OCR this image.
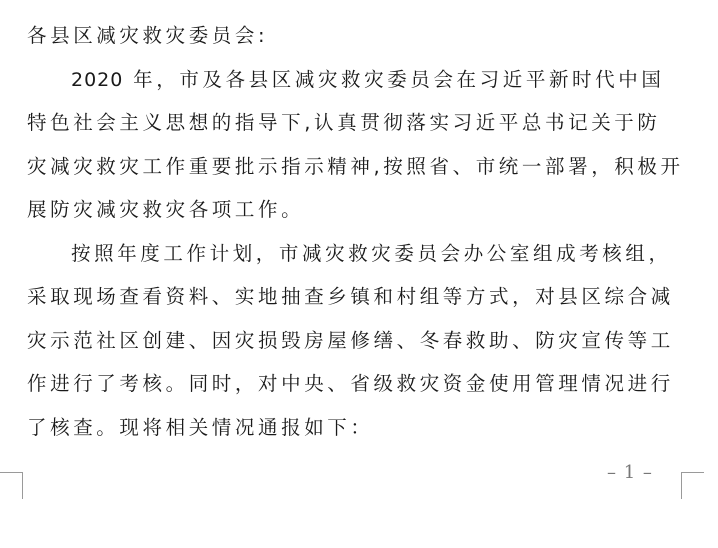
各县区减灾救灾委员会:
2020 年，市及各县区减灾救灾委员会在习近平新时代中国
特色社会主义思想的指导下,认真贯彻落实习近平总书记关于防
灾减灾救灾工作重要批示指示精神,按照省、市统一部署，积极开
展防灾减灾救灾各项工作。
按照年度工作计划，市减灾救灾委员会办公室组成考核组，
采取现场查看资料、实地抽查乡镇和村组等方式，对县区综合减
灾示范社区创建、因灾损毁房屋修缮、冬春救助、防灾宣传等工
作进行了考核。同时，对中央、省级救灾资金使用管理情况进行
了核查。现将相关情况通报如下：
– 1 –
